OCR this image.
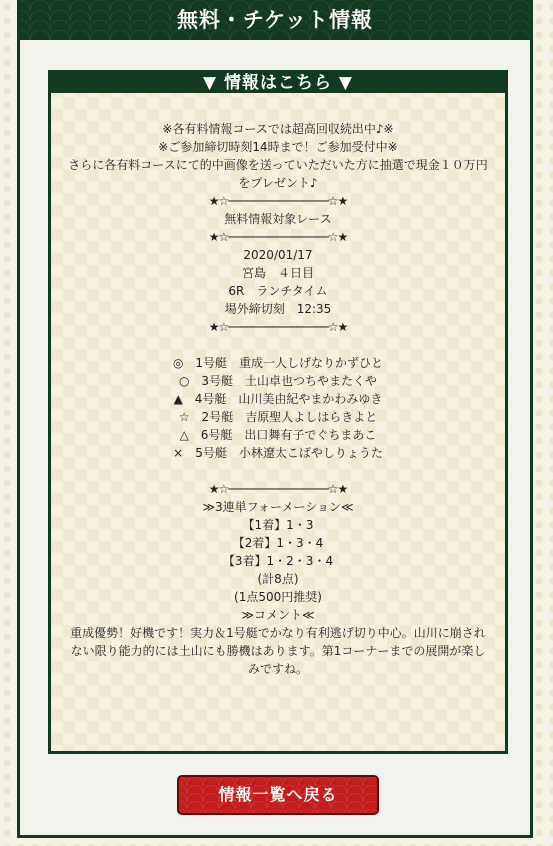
無料・チケット情報
▼ 情報はこちら ▼
※各有料情報コースでは超高回収続出中♪※
※ご参加締切時刻14時まで！ご参加受付中※
さらに各有料コースにて的中画像を送っていただいた方に抽選で現金１０万円をプレゼント♪
★☆────────────────☆★
無料情報対象レース
★☆────────────────☆★
2020/01/17
宮島　４日目
6R　ランチタイム
場外締切刻　12:35
★☆────────────────☆★
◎　1号艇　重成一人しげなりかずひと
○　3号艇　土山卓也つちやまたくや
▲　4号艇　山川美由紀やまかわみゆき
☆　2号艇　吉原聖人よしはらきよと
△　6号艇　出口舞有子でぐちまあこ
×　5号艇　小林遼太こばやしりょうた
★☆────────────────☆★
≫3連単フォーメーション≪
【1着】1・3
【2着】1・3・4
【3着】1・2・3・4
(計8点)
(1点500円推奨)
≫コメント≪
重成優勢！好機です！実力＆1号艇でかなり有利逃げ切り中心。山川に崩されない限り能力的には土山にも勝機はあります。第1コーナーまでの展開が楽しみですね。
情報一覧へ戻る
